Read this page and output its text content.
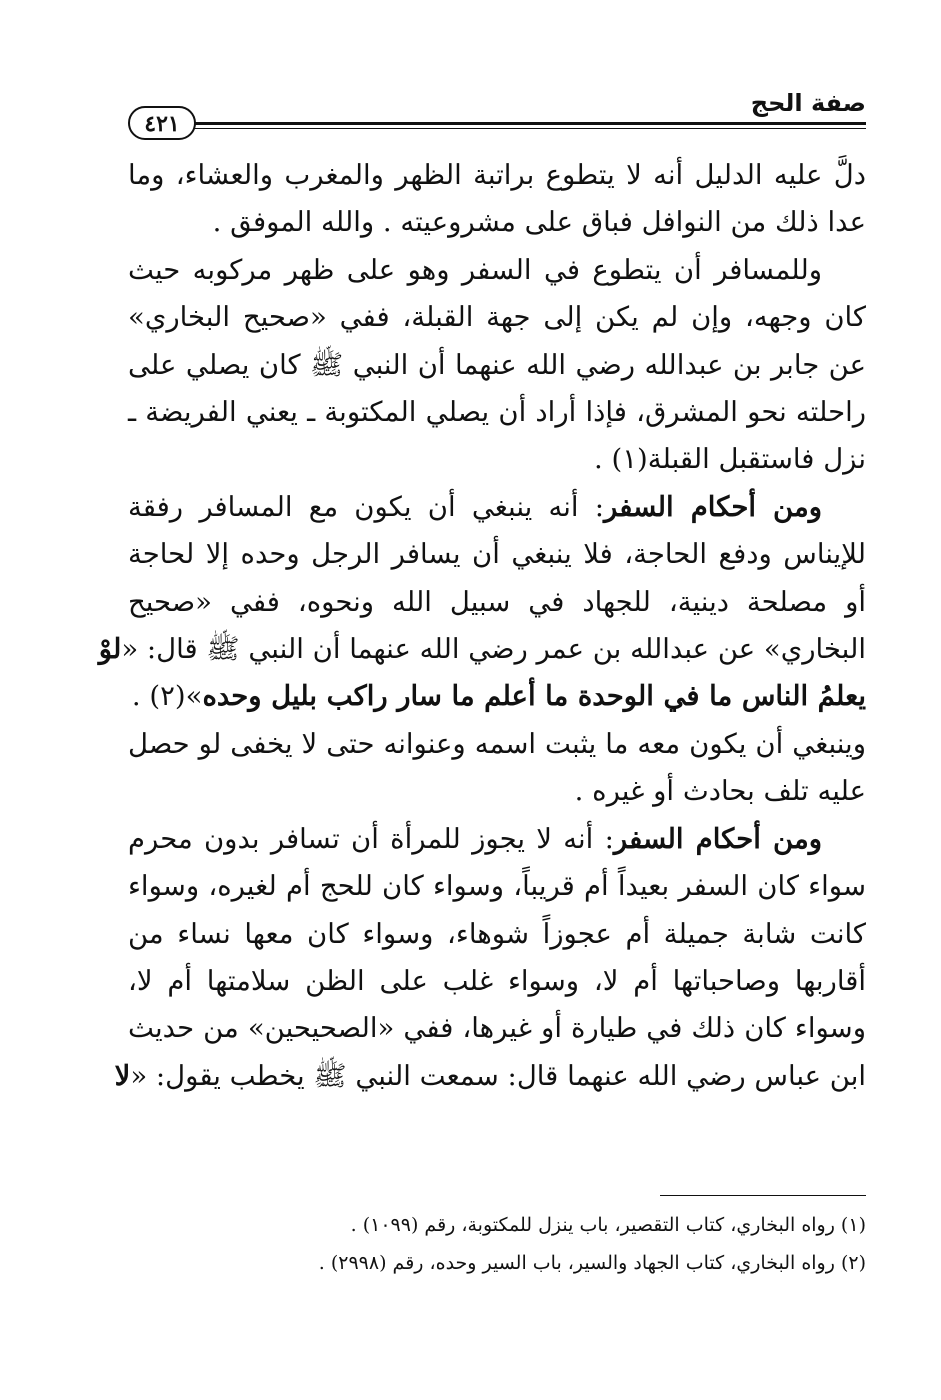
صفة الحج
٤٢١

دلَّ عليه الدليل أنه لا يتطوع براتبة الظهر والمغرب والعشاء، وما
عدا ذلك من النوافل فباق على مشروعيته . والله الموفق .

وللمسافر أن يتطوع في السفر وهو على ظهر مركوبه حيث
كان وجهه، وإن لم يكن إلى جهة القبلة، ففي «صحيح البخاري»
عن جابر بن عبدالله رضي الله عنهما أن النبي ﷺ كان يصلي على
راحلته نحو المشرق، فإذا أراد أن يصلي المكتوبة ـ يعني الفريضة ـ
نزل فاستقبل القبلة(١) .

ومن أحكام السفر: أنه ينبغي أن يكون مع المسافر رفقة
للإيناس ودفع الحاجة، فلا ينبغي أن يسافر الرجل وحده إلا لحاجة
أو مصلحة دينية، للجهاد في سبيل الله ونحوه، ففي «صحيح
البخاري» عن عبدالله بن عمر رضي الله عنهما أن النبي ﷺ قال: «لوْ
يعلمُ الناس ما في الوحدة ما أعلم ما سار راكب بليل وحده»(٢) .
وينبغي أن يكون معه ما يثبت اسمه وعنوانه حتى لا يخفى لو حصل
عليه تلف بحادث أو غيره .

ومن أحكام السفر: أنه لا يجوز للمرأة أن تسافر بدون محرم
سواء كان السفر بعيداً أم قريباً، وسواء كان للحج أم لغيره، وسواء
كانت شابة جميلة أم عجوزاً شوهاء، وسواء كان معها نساء من
أقاربها وصاحباتها أم لا، وسواء غلب على الظن سلامتها أم لا،
وسواء كان ذلك في طيارة أو غيرها، ففي «الصحيحين» من حديث
ابن عباس رضي الله عنهما قال: سمعت النبي ﷺ يخطب يقول: «لا

(١) رواه البخاري، كتاب التقصير، باب ينزل للمكتوبة، رقم (١٠٩٩) .

(٢) رواه البخاري، كتاب الجهاد والسير، باب السير وحده، رقم (٢٩٩٨) .
